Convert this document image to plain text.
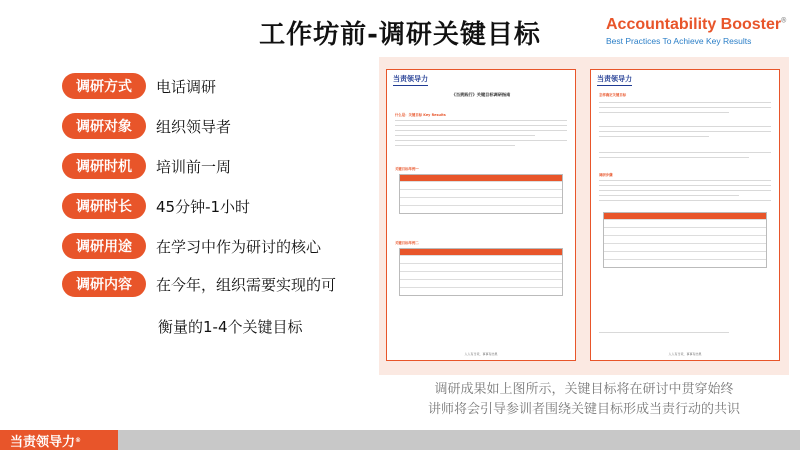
工作坊前-调研关键目标	Accountability Booster®
Best Practices To Achieve Key Results
调研方式	电话调研
调研对象	组织领导者
调研时机	培训前一周
调研时长	45分钟-1小时
调研用途	在学习中作为研讨的核心
调研内容	在今年，组织需要实现的可
衡量的1-4个关键目标
当责领导力
《当责践行》关键目标调研指南
什么是：关键目标 Key Results
关键目标举例一
关键目标举例二
人人有当责，事事有结果
当责领导力
怎样确定关键目标
调研步骤
人人有当责，事事有结果
调研成果如上图所示，关键目标将在研讨中贯穿始终
讲师将会引导参训者围绕关键目标形成当责行动的共识
当责领导力 ®
